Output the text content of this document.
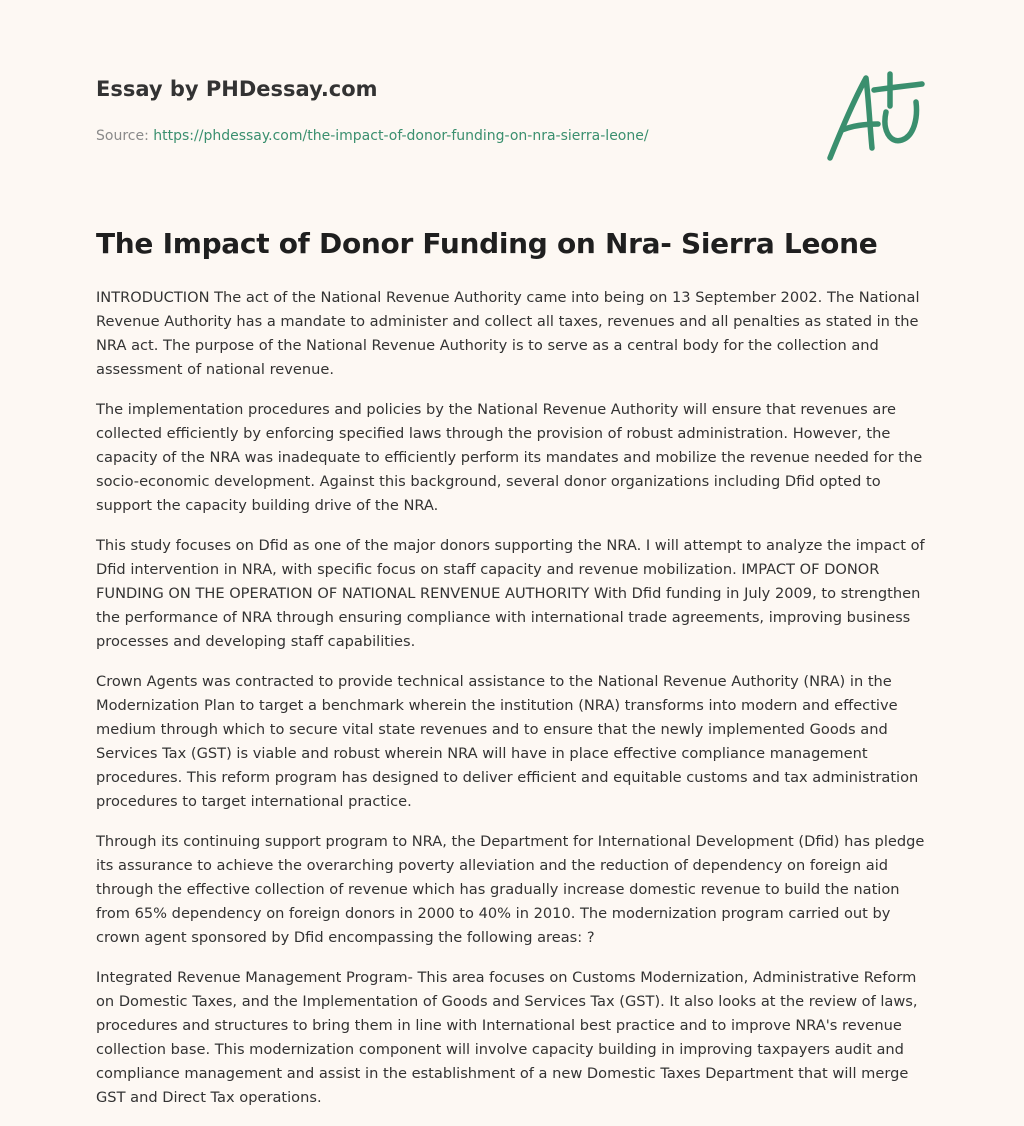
Essay by PHDessay.com
Source: https://phdessay.com/the-impact-of-donor-funding-on-nra-sierra-leone/
The Impact of Donor Funding on Nra- Sierra Leone

INTRODUCTION The act of the National Revenue Authority came into being on 13 September 2002. The National Revenue Authority has a mandate to administer and collect all taxes, revenues and all penalties as stated in the NRA act. The purpose of the National Revenue Authority is to serve as a central body for the collection and assessment of national revenue.

The implementation procedures and policies by the National Revenue Authority will ensure that revenues are collected efficiently by enforcing specified laws through the provision of robust administration. However, the capacity of the NRA was inadequate to efficiently perform its mandates and mobilize the revenue needed for the socio-economic development. Against this background, several donor organizations including Dfid opted to support the capacity building drive of the NRA.

This study focuses on Dfid as one of the major donors supporting the NRA. I will attempt to analyze the impact of Dfid intervention in NRA, with specific focus on staff capacity and revenue mobilization. IMPACT OF DONOR FUNDING ON THE OPERATION OF NATIONAL RENVENUE AUTHORITY With Dfid funding in July 2009, to strengthen the performance of NRA through ensuring compliance with international trade agreements, improving business processes and developing staff capabilities.

Crown Agents was contracted to provide technical assistance to the National Revenue Authority (NRA) in the Modernization Plan to target a benchmark wherein the institution (NRA) transforms into modern and effective medium through which to secure vital state revenues and to ensure that the newly implemented Goods and Services Tax (GST) is viable and robust wherein NRA will have in place effective compliance management procedures. This reform program has designed to deliver efficient and equitable customs and tax administration procedures to target international practice.

Through its continuing support program to NRA, the Department for International Development (Dfid) has pledge its assurance to achieve the overarching poverty alleviation and the reduction of dependency on foreign aid through the effective collection of revenue which has gradually increase domestic revenue to build the nation from 65% dependency on foreign donors in 2000 to 40% in 2010. The modernization program carried out by crown agent sponsored by Dfid encompassing the following areas: ?

Integrated Revenue Management Program- This area focuses on Customs Modernization, Administrative Reform on Domestic Taxes, and the Implementation of Goods and Services Tax (GST). It also looks at the review of laws, procedures and structures to bring them in line with International best practice and to improve NRA's revenue collection base. This modernization component will involve capacity building in improving taxpayers audit and compliance management and assist in the establishment of a new Domestic Taxes Department that will merge GST and Direct Tax operations.
